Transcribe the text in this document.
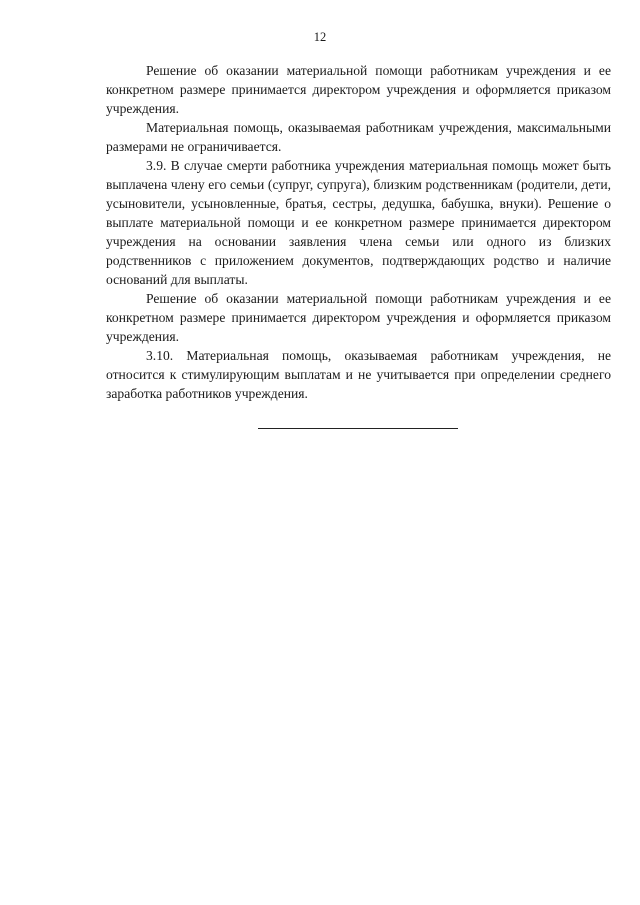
12

Решение об оказании материальной помощи работникам учреждения и ее конкретном размере принимается директором учреждения и оформляется приказом учреждения.

Материальная помощь, оказываемая работникам учреждения, максимальными размерами не ограничивается.

3.9. В случае смерти работника учреждения материальная помощь может быть выплачена члену его семьи (супруг, супруга), близким родственникам (родители, дети, усыновители, усыновленные, братья, сестры, дедушка, бабушка, внуки). Решение о выплате материальной помощи и ее конкретном размере принимается директором учреждения на основании заявления члена семьи или одного из близких родственников с приложением документов, подтверждающих родство и наличие оснований для выплаты.

Решение об оказании материальной помощи работникам учреждения и ее конкретном размере принимается директором учреждения и оформляется приказом учреждения.

3.10. Материальная помощь, оказываемая работникам учреждения, не относится к стимулирующим выплатам и не учитывается при определении среднего заработка работников учреждения.
